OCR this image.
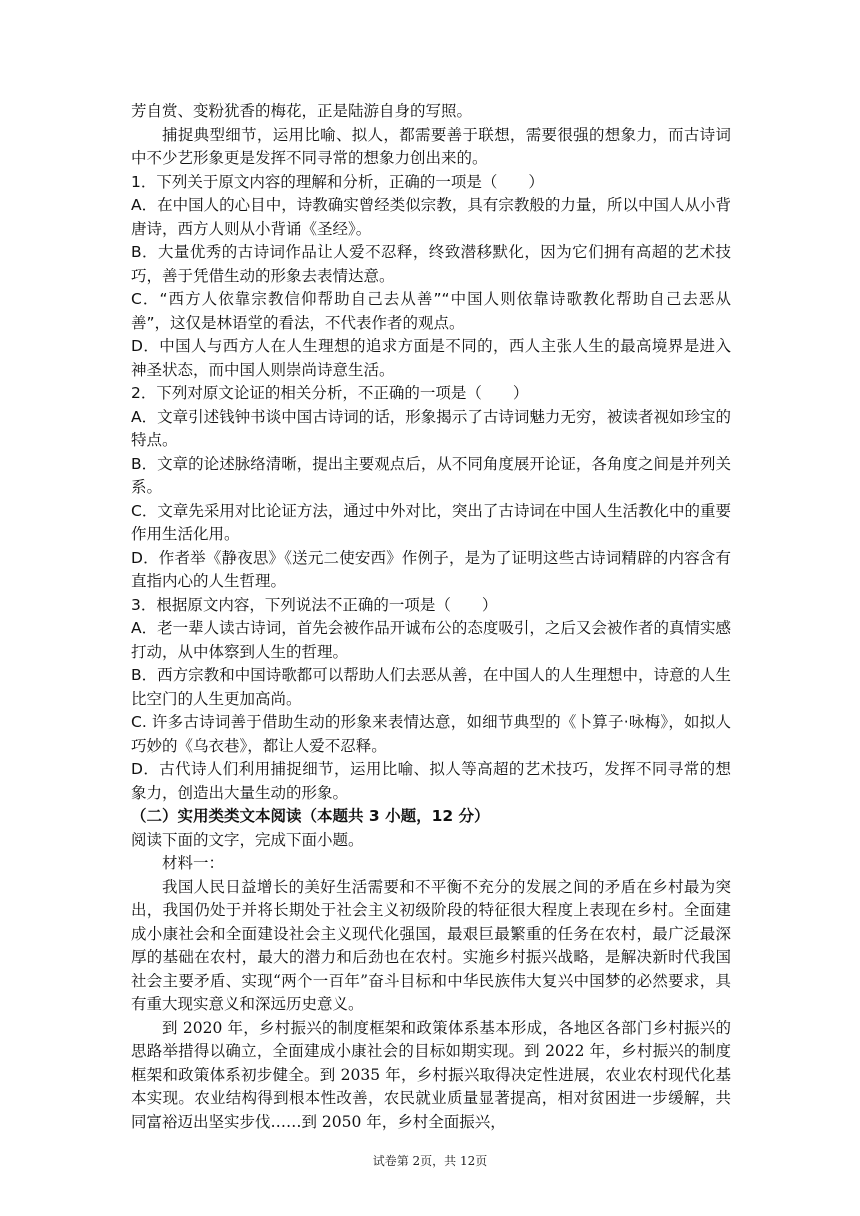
芳自赏、变粉犹香的梅花，正是陆游自身的写照。

捕捉典型细节，运用比喻、拟人，都需要善于联想，需要很强的想象力，而古诗词中不少艺形象更是发挥不同寻常的想象力创出来的。

1．下列关于原文内容的理解和分析，正确的一项是（　　）

A．在中国人的心目中，诗教确实曾经类似宗教，具有宗教般的力量，所以中国人从小背唐诗，西方人则从小背诵《圣经》。

B．大量优秀的古诗词作品让人爱不忍释，终致潜移默化，因为它们拥有高超的艺术技巧，善于凭借生动的形象去表情达意。

C．“西方人依靠宗教信仰帮助自己去从善”“中国人则依靠诗歌教化帮助自己去恶从善”，这仅是林语堂的看法，不代表作者的观点。

D．中国人与西方人在人生理想的追求方面是不同的，西人主张人生的最高境界是进入神圣状态，而中国人则崇尚诗意生活。

2．下列对原文论证的相关分析，不正确的一项是（　　）

A．文章引述钱钟书谈中国古诗词的话，形象揭示了古诗词魅力无穷，被读者视如珍宝的特点。

B．文章的论述脉络清晰，提出主要观点后，从不同角度展开论证，各角度之间是并列关系。

C．文章先采用对比论证方法，通过中外对比，突出了古诗词在中国人生活教化中的重要作用生活化用。

D．作者举《静夜思》《送元二使安西》作例子，是为了证明这些古诗词精辟的内容含有直指内心的人生哲理。

3．根据原文内容，下列说法不正确的一项是（　　）

A．老一辈人读古诗词，首先会被作品开诚布公的态度吸引，之后又会被作者的真情实感打动，从中体察到人生的哲理。

B．西方宗教和中国诗歌都可以帮助人们去恶从善，在中国人的人生理想中，诗意的人生比空门的人生更加高尚。

C. 许多古诗词善于借助生动的形象来表情达意，如细节典型的《卜算子·咏梅》，如拟人巧妙的《乌衣巷》，都让人爱不忍释。

D．古代诗人们利用捕捉细节，运用比喻、拟人等高超的艺术技巧，发挥不同寻常的想象力，创造出大量生动的形象。

（二）实用类类文本阅读（本题共 3 小题，12 分）

阅读下面的文字，完成下面小题。

材料一：

我国人民日益增长的美好生活需要和不平衡不充分的发展之间的矛盾在乡村最为突出，我国仍处于并将长期处于社会主义初级阶段的特征很大程度上表现在乡村。全面建成小康社会和全面建设社会主义现代化强国，最艰巨最繁重的任务在农村，最广泛最深厚的基础在农村，最大的潜力和后劲也在农村。实施乡村振兴战略，是解决新时代我国社会主要矛盾、实现“两个一百年”奋斗目标和中华民族伟大复兴中国梦的必然要求，具有重大现实意义和深远历史意义。

到 2020 年，乡村振兴的制度框架和政策体系基本形成，各地区各部门乡村振兴的思路举措得以确立，全面建成小康社会的目标如期实现。到 2022 年，乡村振兴的制度框架和政策体系初步健全。到 2035 年，乡村振兴取得决定性进展，农业农村现代化基本实现。农业结构得到根本性改善，农民就业质量显著提高，相对贫困进一步缓解，共同富裕迈出坚实步伐……到 2050 年，乡村全面振兴，

试卷第 2页，共 12页
